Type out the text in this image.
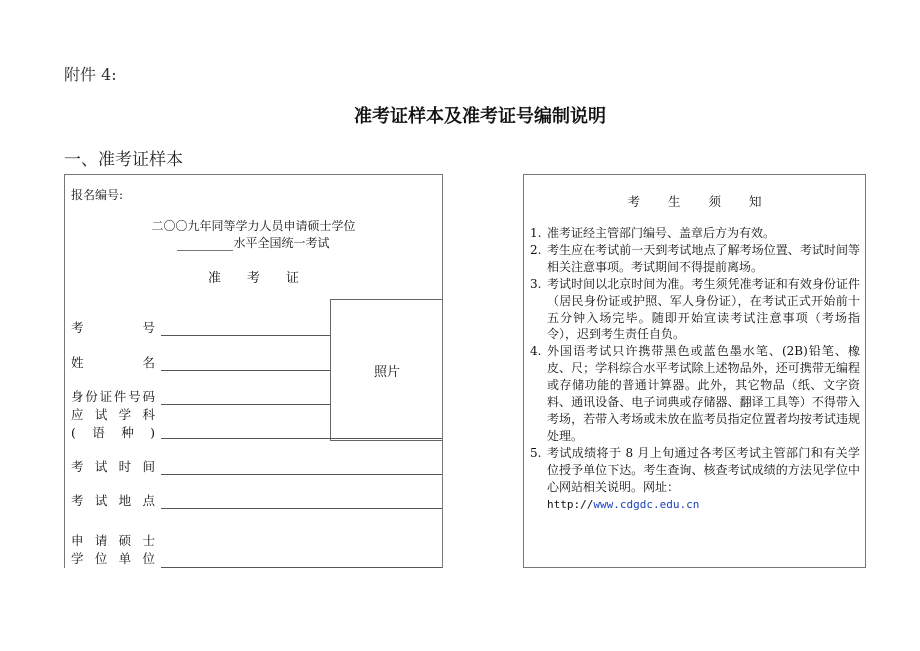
附件 4:
准考证样本及准考证号编制说明
一、准考证样本
报名编号:
二〇〇九年同等学力人员申请硕士学位
水平全国统一考试
准　　考　　证
照片
考	号
姓	名
身 份 证 件 号 码
应 试 学 科
( 语 种 )
考 试 时 间
考 试 地 点
申 请 硕 士
学 位 单 位
考生须知
1. 准考证经主管部门编号、盖章后方为有效。
2. 考生应在考试前一天到考试地点了解考场位置、考试时间等相关注意事项。考试期间不得提前离场。
3. 考试时间以北京时间为准。考生须凭准考证和有效身份证件（居民身份证或护照、军人身份证），在考试正式开始前十五分钟入场完毕。随即开始宣读考试注意事项（考场指令），迟到考生责任自负。
4. 外国语考试只许携带黑色或蓝色墨水笔、(2B)铅笔、橡皮、尺；学科综合水平考试除上述物品外，还可携带无编程或存储功能的普通计算器。此外，其它物品（纸、文字资料、通讯设备、电子词典或存储器、翻译工具等）不得带入考场，若带入考场或未放在监考员指定位置者均按考试违规处理。
5. 考试成绩将于 8 月上旬通过各考区考试主管部门和有关学位授予单位下达。考生查询、核查考试成绩的方法见学位中心网站相关说明。网址：
http://www.cdgdc.edu.cn
